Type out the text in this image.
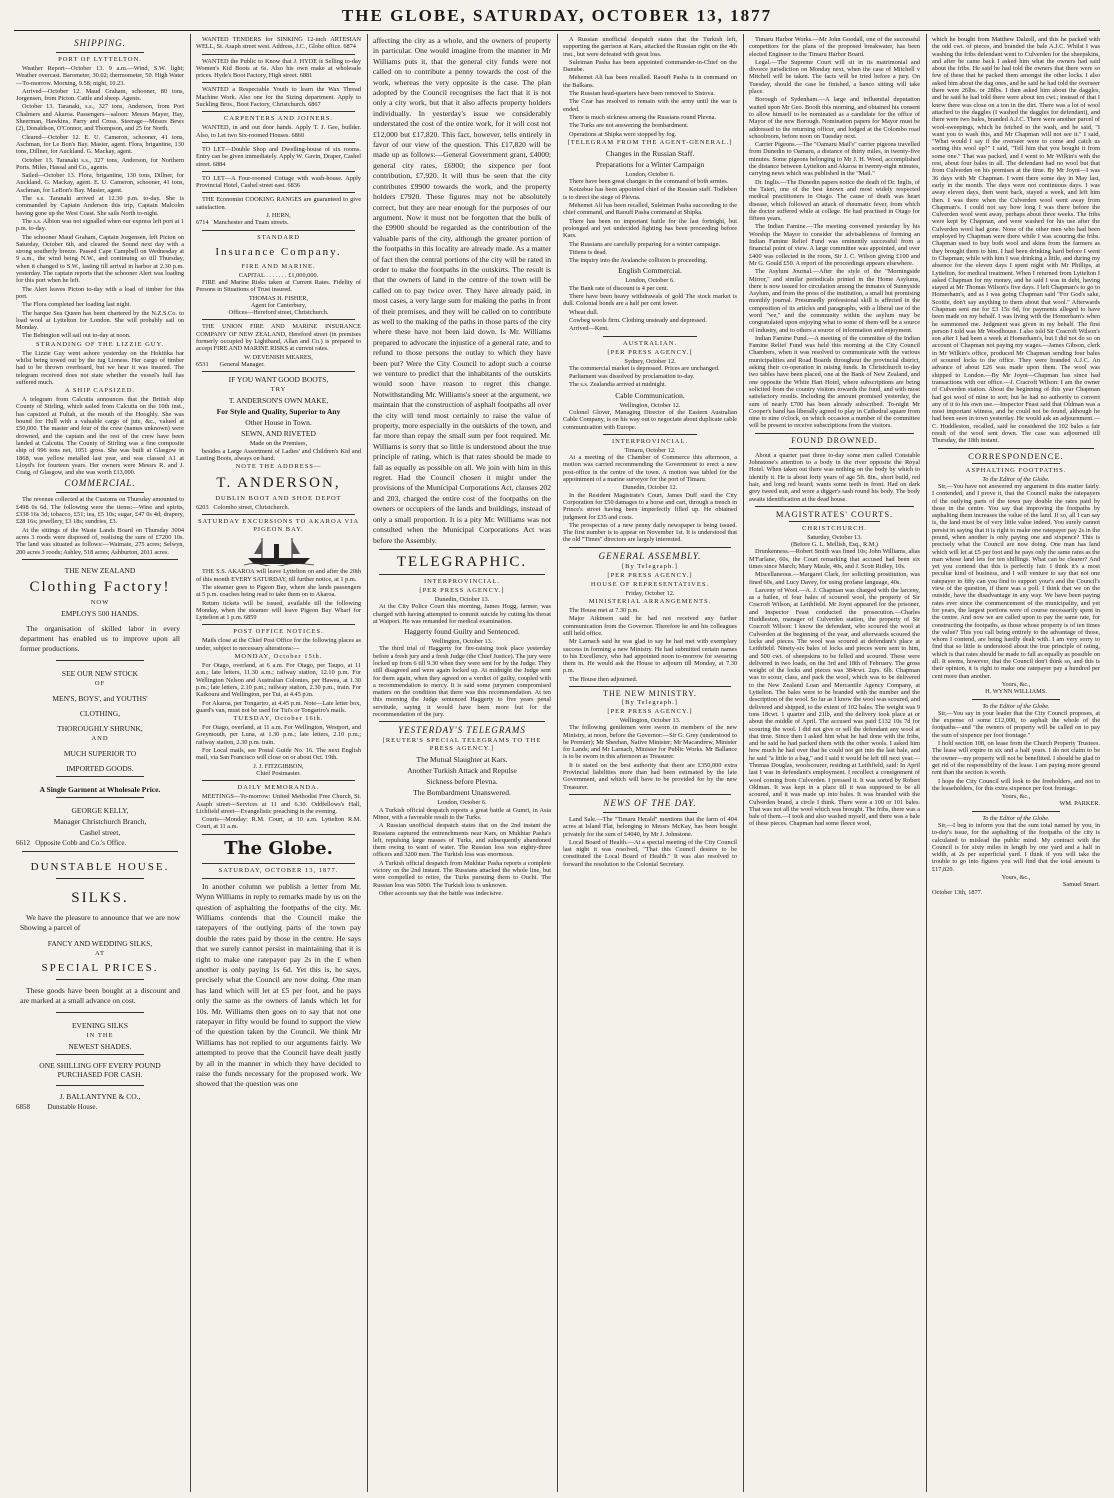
THE GLOBE, SATURDAY, OCTOBER 13, 1877
SHIPPING.
PORT OF LYTTELTON.

Weather Report—October 13. 9 a.m.—Wind, S.W. light; Weather overcast. Barometer, 30.02; thermometer, 50. High Water—To-morrow. Morning, 9.58; night, 10.23.

Arrived—October 12. Maud Graham, schooner, 80 tons, Jorgensen, from Picton. Cattle and sheep. Agents.

October 13. Taranaki, s.s., 327 tons, Anderson, from Port Chalmers and Akaroa. Passengers—saloon: Messrs Mayer, Hay, Sheerman, Hawkins, Parry and Cross. Steerage—Messrs Bews (2), Donaldson, O'Connor, and Thompson, and 25 for North.

Cleared—October 12. E. U. Cameron, schooner, 41 tons, Aschman, for Le Bon's Bay. Master, agent. Flora, brigantine, 130 tons, Dillner, for Auckland. G. Mackay, agent.

October 13. Taranaki s.s., 327 tons, Anderson, for Northern Ports. Miles, Hassal and Co., agents.

Sailed—October 13. Flora, brigantine, 130 tons, Dillner, for Auckland. G. Mackay, agent. E. U. Cameron, schooner, 41 tons, Aschman, for LeBon's Bay. Master, agent.

The s.s. Taranaki arrived at 12.30 p.m. to-day. She is commanded by Captain Anderson this trip, Captain Malcolm having gone up the West Coast. She sails North to-night.

The s.s. Albion was not signalled when our express left port at 1 p.m. to-day.

The schooner Maud Graham, Captain Jorgensen, left Picton on Saturday, October 6th, and cleared the Sound next day with a strong southerly breeze. Passed Cape Campbell on Wednesday at 9 a.m., the wind being N.W., and continuing so till Thursday, when it changed to S.W., lasting till arrival in harbor at 2.30 p.m. yesterday. The captain reports that the schooner Alert was loading for this port when he left.

The Alert leaves Picton to-day with a load of timber for this port.

The Flora completed her loading last night.

The barque Sea Queen has been chartered by the N.Z.S.Co. to load wool at Lyttelton for London. She will probably sail on Monday.

The Bebington will sail out to-day at noon.

STRANDING OF THE LIZZIE GUY.

The Lizzie Guy went ashore yesterday on the Hokitika bar whilst being towed out by the tug Lioness. Her cargo of timber had to be thrown overboard, but we hear it was insured. The telegram received does not state whether the vessel's hull has suffered much.

A SHIP CAPSIZED.

A telegram from Calcutta announces that the British ship County of Stirling, which sailed from Calcutta on the 10th inst., has capsized at Fultah, at the mouth of the Hooghly. She was bound for Hull with a valuable cargo of jute, &c., valued at £50,000. The master and four of the crew (names unknown) were drowned, and the captain and the rest of the crew have been landed at Calcutta. The County of Stirling was a fine composite ship of 996 tons net, 1051 gross. She was built at Glasgow in 1868, was yellow metalled last year, and was classed A1 at Lloyd's for fourteen years. Her owners were Messrs R. and J. Craig, of Glasgow, and she was worth £13,000.

COMMERCIAL.

The revenue collected at the Customs on Thursday amounted to £498 0s 6d. The following were the items:—Wine and spirits, £338 16s 3d; tobacco, £51; tea, £5 10s; sugar, £47 0s 4d; drapery, £28 16s; jewellery, £3 18s; sundries, £3.

At the sittings of the Waste Lands Board on Thursday 3004 acres 3 roods were disposed of, realising the sum of £7200 10s. The land was situated as follows:—Waimate, 275 acres; Selwyn, 200 acres 3 roods; Ashley, 518 acres; Ashburton, 2011 acres.

THE NEW ZEALAND
Clothing Factory!
NOW
EMPLOYS 500 HANDS.

The organisation of skilled labor in every department has enabled us to improve upon all former productions.

SEE OUR NEW STOCK
OF
MEN'S, BOYS', and YOUTHS'
CLOTHING,
THOROUGHLY SHRUNK,
AND
MUCH SUPERIOR TO
IMPORTED GOODS.
A Single Garment at Wholesale Price.
GEORGE KELLY,
Manager Christchurch Branch,
Cashel street,
6612 Opposite Cobb and Co.'s Office.
DUNSTABLE HOUSE.
SILKS.

We have the pleasure to announce that we are now Showing a parcel of

FANCY AND WEDDING SILKS,
AT
SPECIAL PRICES.

These goods have been bought at a discount and are marked at a small advance on cost.

EVENING SILKS
IN THE
NEWEST SHADES.
ONE SHILLING OFF EVERY POUND PURCHASED FOR CASH.
J. BALLANTYNE & CO.,
6858	Dunstable House.

WANTED TENDERS for SINKING 12-inch ARTESIAN WELL, St. Asaph street west. Address, J.C., Globe office. 6874

WANTED the Public to Know that J. HYDE is Selling to-day Women's Kid Boots at 6s. Also his own make at wholesale prices. Hyde's Boot Factory, High street. 6881

WANTED a Respectable Youth to learn the Wax Thread Machine Work. Also one for the Sizing department. Apply to Suckling Bros., Boot Factory, Christchurch. 6867

CARPENTERS AND JOINERS.

WANTED, in and out door hands. Apply T. J. Gee, builder. Also, to Let two Six-roomed Houses. 6860

TO LET—Double Shop and Dwelling-house of six rooms. Entry can be given immediately. Apply W. Gavin, Draper, Cashel street. 6884

TO LET—A Four-roomed Cottage with wash-house. Apply Provincial Hotel, Cashel street east. 6836

THE Economist COOKING RANGES are guaranteed to give satisfaction.

J. HERN,
6714 Manchester and Tuam streets.
STANDARD
Insurance Company.
FIRE AND MARINE.
CAPITAL . . . . . . . £1,000,000.

FIRE and Marine Risks taken at Current Rates. Fidelity of Persons in Situations of Trust insured.

THOMAS H. FISHER,
Agent for Canterbury,
Offices—Hereford street, Christchurch.

THE UNION FIRE AND MARINE INSURANCE COMPANY OF NEW ZEALAND, Hereford street (in premises formerly occupied by Lightband, Allan and Co.) is prepared to accept FIRE AND MARINE RISKS at current rates.

W. DEVENISH MEARES,
6531 General Manager.
IF YOU WANT GOOD BOOTS,
TRY
T. ANDERSON'S OWN MAKE,
For Style and Quality, Superior to Any
Other House in Town.
SEWN, AND RIVETED
Made on the Premises,

besides a Large Assortment of Ladies' and Children's Kid and Lasting Boots, always on hand.

NOTE THE ADDRESS—
T. ANDERSON,
DUBLIN BOOT AND SHOE DEPOT
6203 Colombo street, Christchurch.
SATURDAY EXCURSIONS TO AKAROA VIA PIGEON BAY.

THE S.S. AKAROA will leave Lyttelton on and after the 20th of this month EVERY SATURDAY, till further notice, at 1 p.m.

The steamer goes to Pigeon Bay, where she lands passengers at 5 p.m. coaches being read to take them on to Akaroa.

Return tickets will be issued, available till the following Monday, when the steamer will leave Pigeon Bay Wharf for Lyttelton at 1 p.m. 6859

POST OFFICE NOTICES.

Mails close at the Chief Post Office for the following places as under, subject to necessary alterations:—

MONDAY, October 15th.

For Otago, overland, at 6 a.m. For Otago, per Taupo, at 11 a.m.; late letters, 11.30 a.m.; railway station, 12.10 p.m. For Wellington Nelson and Australian Colonies, per Hawea, at 1.30 p.m.; late letters, 2.10 p.m.; railway station, 2.30 p.m., train. For Kaikoura and Wellington, per Tui, at 4.45 p.m.

For Akaroa, per Tongariro, at 4.45 p.m. Note—Late letter box, guard's van, must not be used for Tui's or Tongariro's mails.

TUESDAY, October 16th.

For Otago, overland, at 11 a.m. For Wellington, Westport, and Greymouth, per Luna, at 1.30 p.m.; late letters, 2.10 p.m.; railway station, 2.30 p.m. train.

For Local mails, see Postal Guide No. 16. The next English mail, via San Francisco will close on or about Oct. 19th.

J. J. FITZGIBBON,
Chief Postmaster.
DAILY MEMORANDA.

MEETINGS—To-morrow: United Methodist Free Church, St. Asaph street—Services at 11 and 6.30. Oddfellows's Hall, Lichfield street—Evangelistic preaching in the evening.

Courts—Monday: R.M. Court, at 10 a.m. Lyttelton R.M. Court, at 11 a.m.

The Globe.
SATURDAY, OCTOBER 13, 1877.

In another column we publish a letter from Mr. Wynn Williams in reply to remarks made by us on the question of asphalting the footpaths of the city. Mr. Williams contends that the Council make the ratepayers of the outlying parts of the town pay double the rates paid by those in the centre. He says that we surely cannot persist in maintaining that it is right to make one ratepayer pay 2s in the £ when another is only paying 1s 6d. Yet this is, he says, precisely what the Council are now doing. One man has land which will let at £5 per foot, and he pays only the same as the owners of lands which let for 10s. Mr. Williams then goes on to say that not one ratepayer in fifty would be found to support the view of the question taken by the Council. We think Mr Williams has not replied to our arguments fairly. We attempted to prove that the Council have dealt justly by all in the manner in which they have decided to raise the funds necessary for the proposed work. We showed that the question was one

affecting the city as a whole, and the owners of property in particular. One would imagine from the manner in Mr Williams puts it, that the general city funds were not called on to contribute a penny towards the cost of the work, whereas the very opposite is the case. The plan adopted by the Council recognises the fact that it is not only a city work, but that it also affects property holders individually. In yesterday's issue we considerably understated the cost of the entire work, for it will cost not £12,000 but £17,820. This fact, however, tells entirely in favor of our view of the question. This £17,820 will be made up as follows:—General Government grant, £4000; general city rates, £6900; the sixpence per foot contribution, £7,920. It will thus be seen that the city contributes £9900 towards the work, and the property holders £7920. These figures may not be absolutely correct, but they are near enough for the purposes of our argument. Now it must not be forgotten that the bulk of the £9900 should be regarded as the contribution of the valuable parts of the city, although the greater portion of the footpaths in this locality are already made. As a matter of fact then the central portions of the city will be rated in order to make the footpaths in the outskirts. The result is that the owners of land in the centre of the town will be called on to pay twice over. They have already paid, in most cases, a very large sum for making the paths in front of their premises, and they will be called on to contribute as well to the making of the paths in those parts of the city where these have not been laid down. Is Mr. Williams prepared to advocate the injustice of a general rate, and to refund to those persons the outlay to which they have been put? Were the City Council to adopt such a course we venture to predict that the inhabitants of the outskirts would soon have reason to regret this change. Notwithstanding Mr. Williams's sneer at the argument, we maintain that the construction of asphalt footpaths all over the city will tend most certainly to raise the value of property, more especially in the outskirts of the town, and far more than repay the small sum per foot required. Mr. Williams is sorry that so little is understood about the true principle of rating, which is that rates should be made to fall as equally as possible on all. We join with him in this regret. Had the Council chosen it might under the provisions of the Municipal Corporations Act, clauses 202 and 203, charged the entire cost of the footpaths on the owners or occupiers of the lands and buildings, instead of only a small proportion. It is a pity Mr. Williams was not consulted when the Municipal Corporations Act was before the Assembly.

TELEGRAPHIC.
INTERPROVINCIAL.
[PER PRESS AGENCY.]
Dunedin, October 13.

At the City Police Court this morning, James Hogg, farmer, was charged with having attempted to commit suicide by cutting his throat at Waipori. He was remanded for medical examination.

Haggerty found Guilty and Sentenced.
Wellington, October 13.

The third trial of Haggerty for fire-raising took place yesterday before a fresh jury and a fresh Judge (the Chief Justice). The jury were locked up from 6 till 9.30 when they were sent for by the Judge. They still disagreed and were again locked up. At midnight the Judge sent for them again, when they agreed on a verdict of guilty, coupled with a recommendation to mercy. It is said some jurymen compromised matters on the condition that there was this recommendation. At ten this morning the Judge sentenced Haggerty to five years penal servitude, saying it would have been more but for the recommendation of the jury.

YESTERDAY'S TELEGRAMS
[REUTER'S SPECIAL TELEGRAMS TO THE PRESS AGENCY.]
The Mutual Slaughter at Kars.
Another Turkish Attack and Repulse
Sickness before Plevna.
The Bombardment Unanswered.
London, October 6.

A Turkish official despatch reports a great battle at Gumri, in Asia Minor, with a favorable result to the Turks.

A Russian unofficial despatch states that on the 2nd instant the Russians captured the entrenchments near Kars, on Mukhtar Pasha's left, repulsing large masses of Turks, and subsequently abandoned them owing to want of water. The Russian loss was eighty-three officers and 3200 men. The Turkish loss was enormous.

A Turkish official despatch from Mukhtar Pasha reports a complete victory on the 2nd instant. The Russians attacked the whole line, but were compelled to retire, the Turks pursuing them to Ouchi. The Russian loss was 5000. The Turkish loss is unknown.

Other accounts say that the battle was indecisive.

A Russian unofficial despatch states that the Turkish left, supporting the garrison at Kars, attacked the Russian right on the 4th inst., but were defeated with great loss.

Suleiman Pasha has been appointed commander-in-Chief on the Danube.

Mehemet Ali has been recalled. Raouff Pasha is in command on the Balkans.

The Russian head-quarters have been removed to Sistova.

The Czar has resolved to remain with the army until the war is ended.

There is much sickness among the Russians round Plevna.

The Turks are not answering the bombardment.

Operations at Shipka were stopped by fog.

[TELEGRAM FROM THE AGENT-GENERAL.]
Changes in the Russian Staff.
Preparations for a Winter Campaign
London, October 6.

There have been great changes in the command of both armies.

Kotzebue has been appointed chief of the Russian staff. Todleben is to direct the siege of Plevna.

Mehemet Ali has been recalled, Suleiman Pasha succeeding to the chief command, and Raouff Pasha command at Shipka.

There has been no important battle for the last fortnight, but prolonged and yet undecided fighting has been proceeding before Kars.

The Russians are carefully preparing for a winter campaign.

Titiens is dead.

The inquiry into the Avalanche collision is proceeding.

English Commercial.
London, October 6.

The Bank rate of discount is 4 per cent.

There have been heavy withdrawals of gold The stock market is dull. Colonial bonds are a half per cent lower.

Wheat dull.

Cowbeg wools firm. Clothing unsteady and depressed.

Arrived—Kent.

AUSTRALIAN.
[PER PRESS AGENCY.]
Sydney, October 12.

The commercial market is depressed. Prices are unchanged.

Parliament was dissolved by proclamation to-day.

The s.s. Zealandia arrived at midnight.

Cable Communication.
Wellington, October 12.

Colonel Glover, Managing Director of the Eastern Australian Cable Company, is on his way out to negociate about duplicate cable communication with Europe.

INTERPROVINCIAL.
Timaru, October 12.

At a meeting of the Chamber of Commerce this afternoon, a motion was carried recommending the Government to erect a new post-office in the centre of the town. A motion was tabled for the appointment of a marine surveyor for the port of Timaru.

Dunedin, October 12.

In the Resident Magistrate's Court, James Duff sued the City Corporation for £50 damages to a horse and cart, through a trench in Prince's street having been imperfectly filled up. He obtained judgment for £35 and costs.

The prospectus of a new penny daily newspaper is being issued. The first number is to appear on November 1st. It is understood that the old "Times" directors are largely interested.

GENERAL ASSEMBLY.
[By Telegraph.]
[PER PRESS AGENCY.]
HOUSE OF REPRESENTATIVES.
Friday, October 12.
MINISTERIAL ARRANGEMENTS.

The House met at 7.30 p.m.

Major Atkinson said he had not received any further communication from the Governor. Therefore he and his colleagues still held office.

Mr Larnach said he was glad to say he had met with exemplary success in forming a new Ministry. He had submitted certain names to his Excellency, who had appointed noon to-morrow for swearing them in. He would ask the House to adjourn till Monday, at 7.30 p.m.

The House then adjourned.

THE NEW MINISTRY.
[By Telegraph.]
[PER PRESS AGENCY.]
Wellington, October 13.

The following gentlemen were sworn in members of the new Ministry, at noon, before the Governor:—Sir G. Grey (understood to be Premier); Mr Sheehan, Native Minister; Mr Macandrew, Minister for Lands; and Mr Larnach, Minister for Public Works. Mr Ballance is to be sworn in this afternoon as Treasurer.

It is stated on the best authority that there are £350,000 extra Provincial liabilities more than had been estimated by the late Government, and which will have to be provided for by the new Treasurer.

NEWS OF THE DAY.

Land Sale.—The "Timaru Herald" mentions that the farm of 404 acres at Island Flat, belonging to Messrs McKay, has been bought privately for the sum of £4040, by Mr J. Johnstone.

Local Board of Health.—At a special meeting of the City Council last night it was resolved, "That this Council desires to be constituted the Local Board of Health." It was also resolved to forward the resolution to the Colonial Secretary.

Timaru Harbor Works.—Mr John Goodall, one of the successful competitors for the plans of the proposed breakwater, has been elected Engineer to the Timaru Harbor Board.

Legal.—The Supreme Court will sit in its matrimonial and divorce jurisdiction on Monday next, when the case of Mitchell v Mitchell will be taken. The facts will be tried before a jury. On Tuesday, should the case be finished, a banco sitting will take place.

Borough of Sydenham.—A large and influential deputation waited upon Mr Geo. Booth this morning, and obtained his consent to allow himself to be nominated as a candidate for the office of Mayor of the new Borough. Nomination papers for Mayor must be addressed to the returning officer, and lodged at the Colombo road schoolroom, before noon on Tuesday next.

Carrier Pigeons.—The "Oamaru Mail's" carrier pigeons travelled from Dunedin to Oamaru, a distance of thirty miles, in twenty-five minutes. Some pigeons belonging to Mr J. H. Wood, accomplished the distance between Lyttelton and Akaroa in twenty-eight minutes, carrying news which was published in the "Mail."

Dr. Inglis.—The Dunedin papers notice the death of Dr. Inglis, of the Taieri, one of the best known and most widely respected medical practitioners in Otago. The cause of death was heart disease, which followed an attack of rheumatic fever, from which the doctor suffered while at college. He had practised in Otago for fifteen years.

The Indian Famine.—The meeting convened yesterday by his Worship the Mayor to consider the advisableness of forming an Indian Famine Relief Fund was eminently successful from a financial point of view. A large committee was appointed, and over £400 was collected in the room, Sir J. C. Wilson giving £100 and Mr G. Gould £50. A report of the proceedings appears elsewhere.

The Asylum Journal.—After the style of the "Morningside Mirror," and similar periodicals printed in the Home Asylums, there is now issued for circulation among the inmates of Sunnyside Asylum, and from the press of the institution, a small but promising monthly journal. Presumedly professional skill is affected in the composition of its articles and paragraphs, with a liberal use of the word "we," and the community within the asylum may be congratulated upon enjoying what to some of them will be a source of industry, and to others a source of information and enjoyment.

Indian Famine Fund.—A meeting of the committee of the Indian Famine Relief Fund was held this morning at the City Council Chambers, when it was resolved to communicate with the various municipalities and Road Boards throughout the provincial district, asking their co-operation in raising funds. In Christchurch to-day two tables have been placed, one at the Bank of New Zealand, and one opposite the White Hart Hotel, where subscriptions are being solicited from the country visitors towards the fund, and with most satisfactory results. Including the amount promised yesterday, the sum of nearly £700 has been already subscribed. To-night Mr Cooper's band has liberally agreed to play in Cathedral square from nine to nine o'clock, on which occasion a number of the committee will be present to receive subscriptions from the visitors.

FOUND DROWNED.

About a quarter past three to-day some men called Constable Johnstone's attention to a body in the river opposite the Royal Hotel. When taken out there was nothing on the body by which to identify it. He is about forty years of age 5ft. 8in., short build, red hair, and long red beard; wants some teeth in front. Had on dark grey tweed suit, and wore a digger's sash round his body. The body awaits identification at the dead house.

MAGISTRATES' COURTS.
CHRISTCHURCH.
Saturday, October 13.
(Before G. L. Mellish, Esq., R.M.)

Drunkenness.—Robert Smith was fined 10s; John Williams, alias M'Farlane, 60s, the Court remarking that accused had been six times since March; Mary Maule, 40s, and J. Scott Ridley, 10s.

Miscellaneous.—Margaret Clark, for soliciting prostitution, was fined 60s, and Lucy Davey, for using profane language, 40s.

Larceny of Wool.—A. J. Chapman was charged with the larceny, as a bailee, of four bales of scoured wool, the property of Sir Cracroft Wilson, at Leithfield. Mr Joynt appeared for the prisoner, and Inspector Feast conducted the prosecution.—Charles Huddleston, manager of Culverden station, the property of Sir Cracroft Wilson: I know the defendant, who scoured the wool at Culverden at the beginning of the year, and afterwards scoured the locks and pieces. The wool was scoured at defendant's place at Leithfield. Ninety-six bales of locks and pieces were sent to him, and 500 cwt. of sheepskins to be felled and scoured. These were delivered in two loads, on the 3rd and 18th of February. The gross weight of the locks and pieces was 384cwt. 2qrs. 6lb. Chapman was to scour, class, and pack the wool, which was to be delivered to the New Zealand Loan and Mercantile Agency Company, at Lyttelton. The bales were to be branded with the number and the description of the wool. So far as I know the wool was scoured, and delivered and shipped, to the extent of 102 bales. The weight was 9 tons 18cwt. 1 quarter and 21lb, and the delivery took place at or about the middle of April. The accused was paid £132 10s 7d for scouring the wool. I did not give or sell the defendant any wool at that time. Since then I asked him what he had done with the fribs, and he said he had packed them with the other wools. I asked him how much he had over that he could not get into the last bale, and he said "a little to a bag," and I said it would be left till next year.—Thomas Douglas, woolscourer, residing at Leithfield, said: In April last I was in defendant's employment. I recollect a consignment of wool coming from Culverden. I pressed it. It was sorted by Robert Oldman. It was kept in a place till it was supposed to be all scoured, and it was made up into bales. It was branded with the Culverden brand, a circle I think. There were a 100 or 101 bales. That was not all the wool which was brought. The fribs, there was a bale of them.—I took and also washed myself, and there was a bale of these pieces. Chapman had some fleece wool,

which he bought from Matthew Dalzell, and this he packed with the odd cwt. of pieces, and branded the bale A.J.C. Whilst I was washing the fribs defendant went to Culverden for the sheepskins, and after he came back I asked him what the owners had said about the fribs. He said he had told the owners that there were so few of these that he packed them amongst the other locks. I also asked him about the dag ones, and he said he had told the overseer there were 26lbs. or 28lbs. I then asked him about the daggles, and he said he had told there were about ten cwt.; instead of that I knew there was close on a ton in the dirt. There was a lot of wool attached to the daggles (I washed the daggles for defendant), and there were two bales, branded A.J.C. There were another parcel of wool-sweepings, which he fetched to the wash, and he said, "I want you to wash this, and Mr Chapman will not see it." I said, "What would I say if the overseer were to come and catch us sorting this wool up?" I said, "Tell him that you bought it from some one." That was packed, and I went to Mr Wilkin's with the rest, about four bales in all. The defendant had no wool but that from Culverden on his premises at the time. By Mr Joynt—I was 36 days with Mr Chapman. I went there some day in May last, early in the month. The days were not continuous days. I was away eleven days, then went back, stayed a week, and left him then. I was there when the Culverden wool went away from Chapman's. I could not say how long I was there before the Culverden wool went away, perhaps about three weeks. The fribs were kept by Chapman, and were washed for his use after the Culverden wool had gone. None of the other men who had been employed by Chapman were there while I was scouring the fribs. Chapman used to buy both wool and skins from the farmers as they brought them to him. I had been drinking hard before I went to Chapman; while with him I was drinking a little, and during my absence for the eleven days I spent night with Mr Phillips, at Lyttelton, for medical treatment. When I returned from Lyttelton I asked Chapman for my money, and he said I was in debt, having stayed at Mr Thomas Wilson's five days. I left Chapman's to go to Homerham's, and as I was going Chapman said "For God's sake, Scottie, don't say anything to them about that wool." Afterwards Chapman sent me for £3 15s 6d, for payments alleged to have been made on my behalf. I was living with the Homerham's when he summoned me. Judgment was given in my behalf. The first person I told was Mr Woodhouse. I also told Sir Cracroft Wilson's son after I had been a week at Homerham's, but I did not do so on account of Chapman not paying my wages.—James Gibson, clerk in Mr Wilkin's office, produced Mr Chapman sending four bales of scoured locks to the office. They were branded A.J.C. An advance of about £26 was made upon them. The wool was shipped to London.—By Mr Joynt—Chapman has since had transactions with our office.—J. Cracroft Wilson: I am the owner of Culverden station. About the beginning of this year Chapman had got wool of mine to sort; but he had no authority to convert any of it to his own use.—Inspector Feast said that Oldman was a most important witness, and he could not be found, although he had been seen in town yesterday. He would ask an adjournment.—C. Huddleston, recalled, said he considered the 102 bales a fair result of the wool sent down. The case was adjourned till Thursday, the 18th instant.

CORRESPONDENCE.
ASPHALTING FOOTPATHS.
To the Editor of the Globe.

Sir,—You have not answered my argument in this matter fairly. I contended, and I prove it, that the Council make the ratepayers of the outlying parts of the town pay double the rates paid by those in the centre. You say that improving the footpaths by asphalting them increases the value of the land. If so, all I can say is, the land must be of very little value indeed. You surely cannot persist in saying that it is right to make one ratepayer pay 2s in the pound, when another is only paying one and sixpence? This is precisely what the Council are now doing. One man has land which will let at £5 per foot and he pays only the same rates as the man whose land lets for ten shillings. What can be clearer? And yet you contend that this is perfectly fair. I think it's a most peculiar kind of business, and I will venture to say that not one ratepayer in fifty can you find to support your's and the Council's view of the question, if there was a poll. I think that we on the outside, have the disadvantage in any way. We have been paying rates ever since the commencement of the municipality, and yet for years, the largest portions were of course necessarily spent in the centre. And now we are called upon to pay the same rate, for constructing the footpaths, as those whose property is of ten times the value? This you call being entirely to the advantage of those, whom I contend, are being hardly dealt with. I am very sorry to find that so little is understood about the true principle of rating, which is that rates should be made to fall as equally as possible on all. It seems, however, that the Council don't think so, and this is their opinion, it is right to make one ratepayer pay a hundred per cent more than another.

Yours, &c.,
H. WYNN WILLIAMS.
To the Editor of the Globe.

Sir,—You say in your leader that the City Council proposes, at the expense of some £12,000, to asphalt the whole of the footpaths—and "the owners of property will be called on to pay the sum of sixpence per foot frontage."

I hold section 108, on lease from the Church Property Trustees. The lease will expire in six and a half years. I do not claim to be the owner—my property will not be benefitted. I should be glad to get rid of the responsibility of the lease. I am paying more ground rent than the section is worth.

I hope the City Council will look to the freeholders, and not to the leaseholders, for this extra sixpence per foot frontage.

Yours, &c.,
WM. PARKER.
To the Editor of the Globe.

Sir,—I beg to inform you that the sum total named by you, in to-day's issue, for the asphalting of the footpaths of the city is calculated to mislead the public mind. My contract with the Council is for sixty miles in length by one yard and a half in width, at 2s per superficial yard. I think if you will take the trouble to go into figures you will find that the total amount is £17,820.

Yours, &c.,
Samuel Smart.
October 13th, 1877.
